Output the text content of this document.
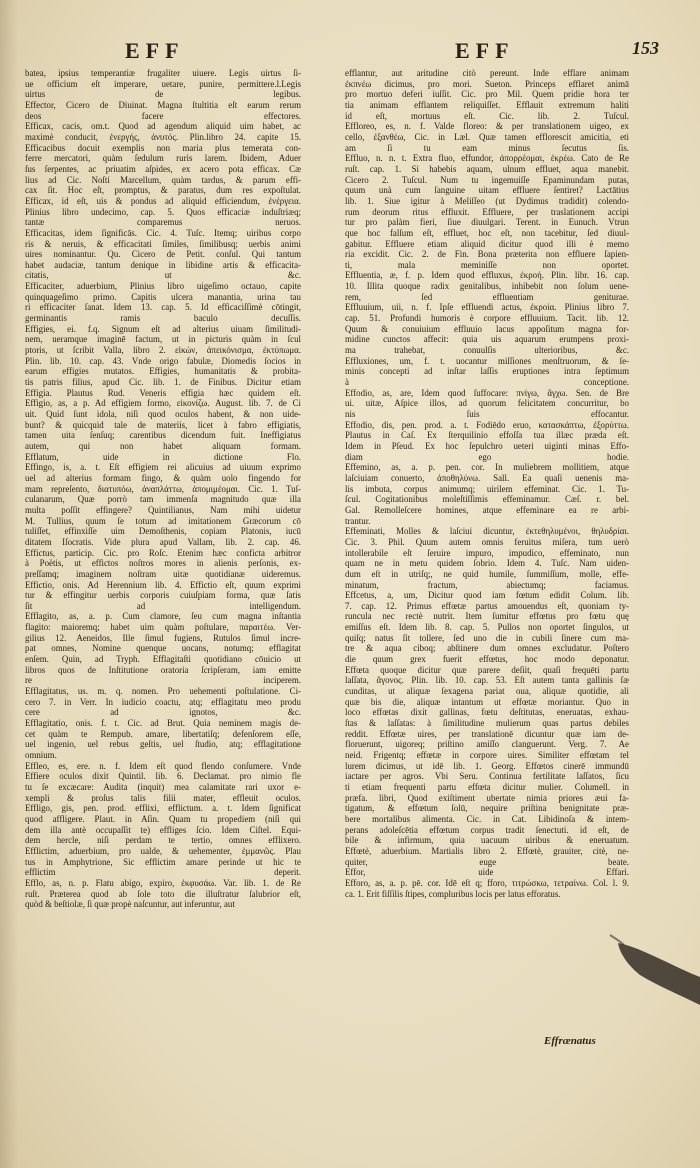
EFF	EFF	153
batea, ipsius temperantiæ frugaliter uiuere. Legis uirtus ſi-
ue officium eſt imperare, uetare, punire, permittere.l.Legis
uirtus de legibus.
Effector, Cicero de Diuinat. Magna ſtultitia eſt earum rerum
deos facere effectores.
Efficax, cacis, om.t. Quod ad agendum aliquid uim habet, ac
maximè conducit, ἐνεργής, ἀνυτός. Plin.libro 24. capite 15.
Efficacibus docuit exemplis non maria plus temerata con-
ferre mercatori, quàm ſedulum ruris larem. Ibidem, Aduer
ſus ſerpentes, ac priuatim aſpides, ex acero pota efficax. Cæ
lius ad Cic. Noſti Marcellum, quàm tardus, & parum effi-
cax ſit. Hoc eſt, promptus, & paratus, dum res expoſtulat.
Efficax, id eſt, uis & pondus ad aliquid efficiendum, ἐνέργεια.
Plinius libro undecimo, cap. 5. Quos efficaciæ induſtriæq;
tantæ comparemus neruos.
Efficacitas, idem ſignificās. Cic. 4. Tuſc. Itemq; uiribus corpo
ris & neruis, & efficacitati ſimiles, ſimilibusq; uerbis animi
uires nominantur. Qu. Cicero de Petit. conſul. Qui tantum
habet audaciæ, tantum denique in libidine artis & efficacita-
citatis, ut &c.
Efficaciter, aduerbium, Plinius libro uigeſimo octauo, capite
quinquageſimo primo. Capitis ulcera manantia, urina tau
ri efficaciter ſanat. Idem 13. cap. 5. Id efficaciſſimè cōtingit,
germinantis ramis baculo decuſſis.
Effigies, ei. f.q. Signum eſt ad alterius uiuam ſimilitudi-
nem, ueramque imaginē factum, ut in picturis quàm in ſcul
ptoris, ut ſcribit Valla, libro 2. εἰκών, ἀπεικόνισμα, ἐκτύπωμα.
Plin. lib. 10. cap. 43. Vnde origo fabulæ, Diomedis ſocios in
earum effigies mutatos. Effigies, humanitatis & probita-
tis patris filius, apud Cic. lib. 1. de Finibus. Dicitur etiam
Effigia. Plautus Rud. Veneris effigia hæc quidem eſt.
Effigio, as, a p. Ad effigiem formo, εἰκονίζω. August. lib. 7. de Ci
uit. Quid ſunt idola, niſi quod oculos habent, & non uide-
bunt? & quicquid tale de materiis, licet à fabro effigiatis,
tamen uita ſenſuq; carentibus dicendum fuit. Ineffigiatus
autem, qui non habet aliquam formam.
Efflatum, uide in dictione Flo.
Effingo, is, a. t. Eſt effigiem rei alicuius ad uiuum exprimo
uel ad alterius formam fingo, & quàm uolo fingendo for
mam repreſento, διατυπόω, ἀναπλάττω, ἀπομιμέομαι. Cic. 1. Tuſ-
culanarum, Quæ porrò tam immenſa magnitudo quæ illa
multa poſſit effingere? Quintilianus, Nam mihi uidetur
M. Tullius, quum ſe totum ad imitationem Græcorum cō
tuliſſet, effinxiſſe uim Demoſthenis, copiam Platonis, iucū
ditatem Iſocratis. Vide plura apud Vallam, lib. 2. cap. 46.
Effictus, particip. Cic. pro Roſc. Etenim hæc conficta arbitror
à Poëtis, ut effictos noſtros mores in alienis perſonis, ex-
preſſamq; imaginem noſtram uitæ quotidianæ uideremus.
Effictio, onis. Ad Herennium lib. 4. Effictio eſt, quum exprimi
tur & effingitur uerbis corporis cuiuſpiam forma, quæ ſatis
ſit ad intelligendum.
Efflagito, as, a. p. Cum clamore, ſeu cum magna inſtantia
flagito: maioremq; habet uim quàm poſtulare, παραιτέω. Ver-
gilius 12. Aeneidos, Ille ſimul fugiens, Rutulos ſimul incre-
pat omnes, Nomine quenque uocans, notumq; efflagitat
enſem. Quin, ad Tryph. Efflagitaſti quotidiano cōuicio ut
libros quos de Inſtitutione oratoria ſcripſeram, iam emitte
re inciperem.
Efflagitatus, us. m. q. nomen. Pro uehementi poſtulatione. Ci-
cero 7. in Verr. In iudicio coactu, atq; efflagitatu meo produ
cere ad ignotos, &c.
Efflagitatio, onis. f. t. Cic. ad Brut. Quia neminem magis de-
cet quàm te Rempub. amare, libertatiſq; defenſorem eſſe,
uel ingenio, uel rebus geſtis, uel ſtudio, atq; efflagitatione
omnium.
Effleo, es, ere. n. f. Idem eſt quod flendo conſumere. Vnde
Effiere oculos dixit Quintil. lib. 6. Declamat. pro nimio fle
tu ſe excæcare: Audita (inquit) mea calamitate rari uxor e-
xempli & proſus talis filii mater, effleuit oculos.
Effligo, gis, pen. prod. efflixi, efflictum. a. t. Idem ſignificat
quod affligere. Plaut. in Aſin. Quam tu propediem (niſi qui
dem illa antè occupaſſit te) effliges ſcio. Idem Ciſtel. Equi-
dem hercle, niſi perdam te tertio, omnes efflixero.
Efflictim, aduerbium, pro ualde, & uehementer, ἐμμανῶς. Plau
tus in Amphytrione, Sic efflictim amare perinde ut hic te
efflictim deperit.
Efflo, as, n. p. Flatu abigo, expiro, ἐκφυσάω. Var. lib. 1. de Re
ruſt. Præterea quod ab ſole toto die illuſtratur ſalubrior eſt,
quòd & beſtiolæ, ſi quæ propè naſcuntur, aut inferuntur, aut
efflantur, aut aritudine citò pereunt. Inde efflare animam
ἐκπνέω dicimus, pro mori. Sueton. Princeps efflaret animā
pro mortuo deferi iuſſit. Cic. pro Mil. Quem pridie hora ter
tia animam efflantem reliquiſſet. Efflauit extremum haliti
id eſt, mortuus eſt. Cic. lib. 2. Tuſcul.
Effloreo, es, n. f. Valde floreo: & per translationem uigeo, ex
cello, ἐξανθέω, Cic. in Læl. Quæ tamen efflorescit amicitia, eti
am ſi tu eam minus ſecutus ſis.
Effluo, n. n. t. Extra fluo, effundor, ἀπορρέομαι, ἐκρέω. Cato de Re
ruſt. cap. 1. Si habebis aquam, ulnum effluet, aqua manebit.
Cicero 2. Tuſcul. Num tu ingemuiſſe Epaminundam putas,
quum unà cum ſanguine uitam effluere ſentiret? Lactātius
lib. 1. Siue igitur à Meliſſeo (ut Dydimus tradidit) colendo-
rum deorum ritus effluxit. Effluere, per traslationem accipi
tur pro palàm fieri, ſiue diuulgari. Terent. in Eunuch. Vtrun
que hoc falſum eſt, effluet, hoc eſt, non tacebitur, ſed diuul-
gabitur. Effluere etiam aliquid dicitur quod illi è memo
ria excidit. Cic. 2. de Fin. Bona præterita non effluere ſapien-
ti, mala meminiſſe non oportet.
Effluentia, æ, f. p. Idem quod effluxus, ἐκροή. Plin. libr. 16. cap.
10. Illita quoque radix genitalibus, inhibebit non ſolum uene-
rem, ſed effluentiam geniturae.
Effluuium, uii, n. f. Ipſe effluendi actus, ἐκροία. Plinius libro 7.
cap. 51. Profundi humoris è corpore effluuium. Tacit. lib. 12.
Quum & conuiuium effluuio lacus appoſitum magna for-
midine cunctos affecit: quia uis aquarum erumpens proxi-
ma trahebat, conuulſis ulterioribus, &c.
Effluxiones, um, f. t. uocantur miſſiones menſtruorum, & ſe-
minis concepti ad inſtar laſſis eruptiones intra ſeptimum
à conceptione.
Effodio, as, are, Idem quod ſuffocare: πνίγω, ἄγχω. Sen. de Bre
ui. uitæ, Aſpice illos, ad quorum felicitatem concurritur, bo
nis ſuis effocantur.
Effodio, dis, pen. prod. a. t. Fodiēdo eruo, κατασκάπτω, ἐξορύττω.
Plautus in Caſ. Ex ſterquilinio effoſſa tua illæc præda eſt.
Idem in Pſeud. Ex hoc ſepulchro ueteri uiginti minas Effo-
diam ego hodie.
Effemino, as, a. p. pen. cor. In muliebrem mollitiem, atque
laſciuiam conuerto, ἀποθηλύνω. Sall. Ea quaſi uenenis ma-
lis imbuta, corpus animumq; uirilem effeminat. Cic. 1. Tu-
ſcul. Cogitationibus moleſtiſſimis effeminamur. Cæſ. r. bel.
Gal. Remolleſcere homines, atque effeminare ea re arbi-
trantur.
Effeminati, Molles & laſciui dicuntur, ἐκτεθηλυμένοι, θηλυδρίαι.
Cic. 3. Phil. Quum autem omnis feruitus miſera, tum uerò
intollerabile eſt ſeruire impuro, impudico, effeminato, nun
quam ne in metu quidem ſobrio. Idem 4. Tuſc. Nam uiden-
dum eſt in utriſq;, ne quid humile, ſummiſſum, molle, effe-
minatum, fractum, abiectumq; faciamus.
Effcetus, a, um, Dicitur quod iam fœtum edidit Colum. lib.
7. cap. 12. Primus effœtæ partus amouendus eſt, quoniam ty-
runcula nec rectè nutrit. Item ſumitur effœtus pro fœtu quę
emiſſus eſt. Idem lib. 8. cap. 5. Pullos non oportet ſingulos, ut
quiſq; natus ſit tollere, ſed uno die in cubili ſinere cum ma-
tre & aqua ciboq; abſtinere dum omnes excludatur. Poſtero
die quum grex fuerit effœtus, hoc modo deponatur.
Effœta quoque dicitur quæ parere deſiit, quaſi frequēti partu
laſſata, ἄγονος. Plin. lib. 10. cap. 53. Eſt autem tanta gallinis ſæ
cunditas, ut aliquæ ſexagena pariat oua, aliquæ quotidie, ali
quæ bis die, aliquæ intantum ut effœtæ moriantur. Quo in
loco effœtas dixit gallinas, fœtu deſtitutas, eneruatas, exhau-
ſtas & laſſatas: à ſimilitudine mulierum quas partus debiles
reddit. Effœtæ uires, per translationē dicuntur quæ iam de-
floruerunt, uigoreq; priſtino amiſſo clanguerunt. Verg. 7. Ae
neid. Frigentq; effœtæ in corpore uires. Similiter effœtam tel
lurem dicimus, ut idē lib. 1. Georg. Effœtos cinerē immundū
iactare per agros. Vbi Seru. Continua fertilitate laſſatos, ſicu
ti etiam frequenti partu effœta dicitur mulier. Columell. in
præfa. libri, Quod exiſtiment ubertate nimia priores æui fa-
tigatum, & effœtum ſolū, nequire priſtina benignitate præ-
bere mortalibus alimenta. Cic. in Cat. Libidinoſa & intem-
perans adoleſcētia effœtum corpus tradit ſenectuti. id eſt, de
bile & infirmum, quia uacuum uiribus & eneruatum.
Effœtè, aduerbium. Martialis libro 2. Effœtè, grauiter, citè, ne-
quiter, euge beate.
Effor, uide Effari.
Efforo, as, a. p. pē. cor. Idē eſt q; fforo, τιτρώσκω, τετραίνω. Col. l. 9.
ca. 1. Erit fiſſilis ſtipes, compluribus locis per latus efforatus.
Effrænatus
